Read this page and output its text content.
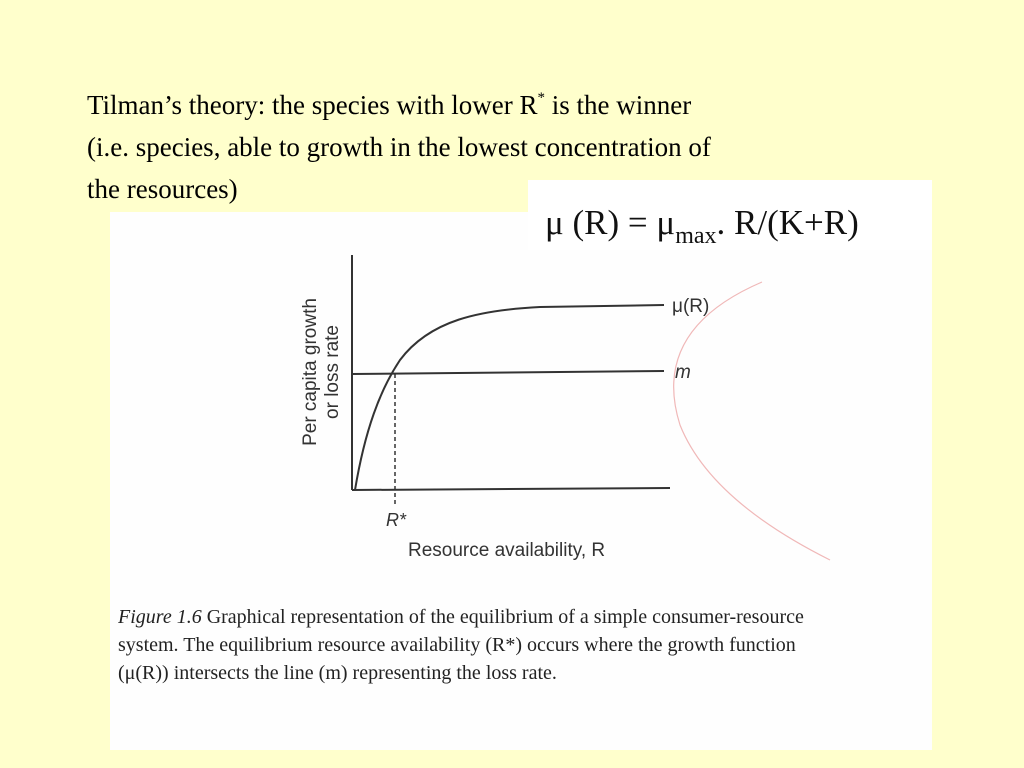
Tilman’s theory: the species with lower R* is the winner
(i.e. species, able to growth in the lowest concentration of
the resources)
μ $(R) = \mu_{max}$. R/(K+R)
μ(R)
m
R*
Resource availability, R
Per capita growth or loss rate
Figure 1.6 Graphical representation of the equilibrium of a simple consumer-resource
system. The equilibrium resource availability (R*) occurs where the growth function
(μ(R)) intersects the line (m) representing the loss rate.
